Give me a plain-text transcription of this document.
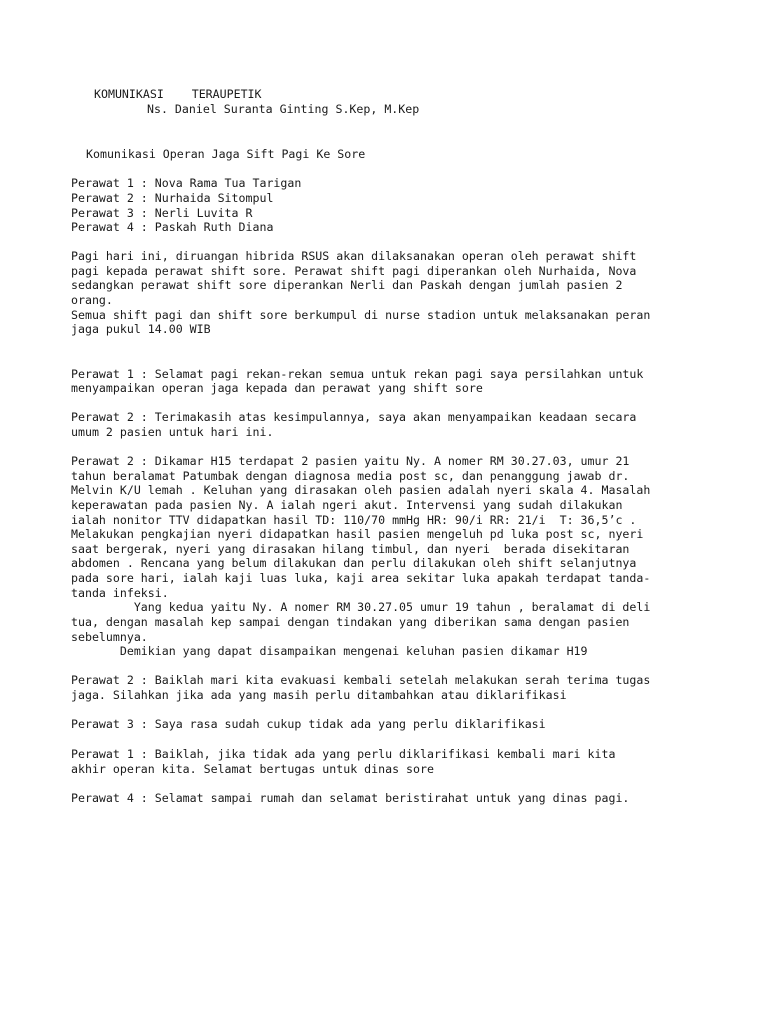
KOMUNIKASI    TERAUPETIK
Ns. Daniel Suranta Ginting S.Kep, M.Kep
Komunikasi Operan Jaga Sift Pagi Ke Sore
Perawat 1 : Nova Rama Tua Tarigan
Perawat 2 : Nurhaida Sitompul
Perawat 3 : Nerli Luvita R
Perawat 4 : Paskah Ruth Diana
Pagi hari ini, diruangan hibrida RSUS akan dilaksanakan operan oleh perawat shift
pagi kepada perawat shift sore. Perawat shift pagi diperankan oleh Nurhaida, Nova
sedangkan perawat shift sore diperankan Nerli dan Paskah dengan jumlah pasien 2
orang.
Semua shift pagi dan shift sore berkumpul di nurse stadion untuk melaksanakan peran
jaga pukul 14.00 WIB
Perawat 1 : Selamat pagi rekan-rekan semua untuk rekan pagi saya persilahkan untuk
menyampaikan operan jaga kepada dan perawat yang shift sore
Perawat 2 : Terimakasih atas kesimpulannya, saya akan menyampaikan keadaan secara
umum 2 pasien untuk hari ini.
Perawat 2 : Dikamar H15 terdapat 2 pasien yaitu Ny. A nomer RM 30.27.03, umur 21
tahun beralamat Patumbak dengan diagnosa media post sc, dan penanggung jawab dr.
Melvin K/U lemah . Keluhan yang dirasakan oleh pasien adalah nyeri skala 4. Masalah
keperawatan pada pasien Ny. A ialah ngeri akut. Intervensi yang sudah dilakukan
ialah nonitor TTV didapatkan hasil TD: 110/70 mmHg HR: 90/i RR: 21/i  T: 36,5’c .
Melakukan pengkajian nyeri didapatkan hasil pasien mengeluh pd luka post sc, nyeri
saat bergerak, nyeri yang dirasakan hilang timbul, dan nyeri  berada disekitaran
abdomen . Rencana yang belum dilakukan dan perlu dilakukan oleh shift selanjutnya
pada sore hari, ialah kaji luas luka, kaji area sekitar luka apakah terdapat tanda-
tanda infeksi.
Yang kedua yaitu Ny. A nomer RM 30.27.05 umur 19 tahun , beralamat di deli
tua, dengan masalah kep sampai dengan tindakan yang diberikan sama dengan pasien
sebelumnya.
Demikian yang dapat disampaikan mengenai keluhan pasien dikamar H19
Perawat 2 : Baiklah mari kita evakuasi kembali setelah melakukan serah terima tugas
jaga. Silahkan jika ada yang masih perlu ditambahkan atau diklarifikasi
Perawat 3 : Saya rasa sudah cukup tidak ada yang perlu diklarifikasi
Perawat 1 : Baiklah, jika tidak ada yang perlu diklarifikasi kembali mari kita
akhir operan kita. Selamat bertugas untuk dinas sore
Perawat 4 : Selamat sampai rumah dan selamat beristirahat untuk yang dinas pagi.
